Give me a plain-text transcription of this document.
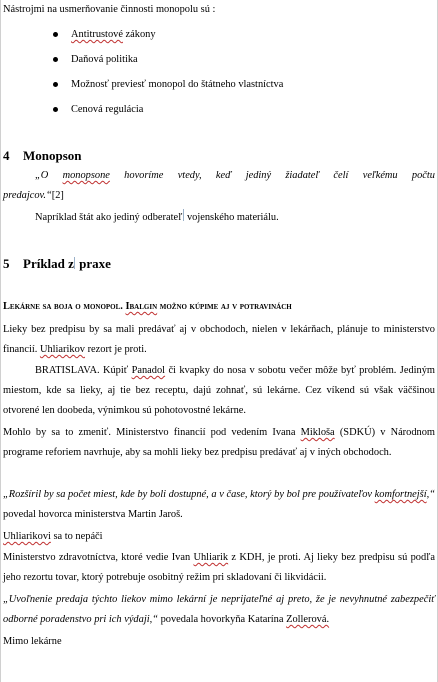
Nástrojmi na usmerňovanie činnosti monopolu sú :
Antitrustové zákony
Daňová politika
Možnosť previesť monopol do štátneho vlastníctva
Cenová regulácia
4 Monopson
„O monopsone hovoríme vtedy, keď jediný žiadateľ čelí veľkému počtu
predajcov.“[2]
Napríklad štát ako jediný odberateľ vojenského materiálu.
5 Príklad z praxe
Lekárne sa boja o monopol. Ibalgin možno kúpime aj v potravinách
Lieky bez predpisu by sa mali predávať aj v obchodoch, nielen v lekárňach, plánuje to ministerstvo financií. Uhliarikov rezort je proti.
BRATISLAVA. Kúpiť Panadol či kvapky do nosa v sobotu večer môže byť problém. Jediným miestom, kde sa lieky, aj tie bez receptu, dajú zohnať, sú lekárne. Cez víkend sú však väčšinou otvorené len doobeda, výnimkou sú pohotovostné lekárne.
Mohlo by sa to zmeniť. Ministerstvo financií pod vedením Ivana Mikloša (SDKÚ) v Národnom programe reforiem navrhuje, aby sa mohli lieky bez predpisu predávať aj v iných obchodoch.
„Rozšíril by sa počet miest, kde by boli dostupné, a v čase, ktorý by bol pre používateľov komfortnejší,“ povedal hovorca ministerstva Martin Jaroš.
Uhliarikovi sa to nepáči
Ministerstvo zdravotníctva, ktoré vedie Ivan Uhliarik z KDH, je proti. Aj lieky bez predpisu sú podľa jeho rezortu tovar, ktorý potrebuje osobitný režim pri skladovaní či likvidácii.
„Uvoľnenie predaja týchto liekov mimo lekární je neprijateľné aj preto, že je nevyhnutné zabezpečiť odborné poradenstvo pri ich výdaji,“ povedala hovorkyňa Katarína Zollerová.
Mimo lekárne
